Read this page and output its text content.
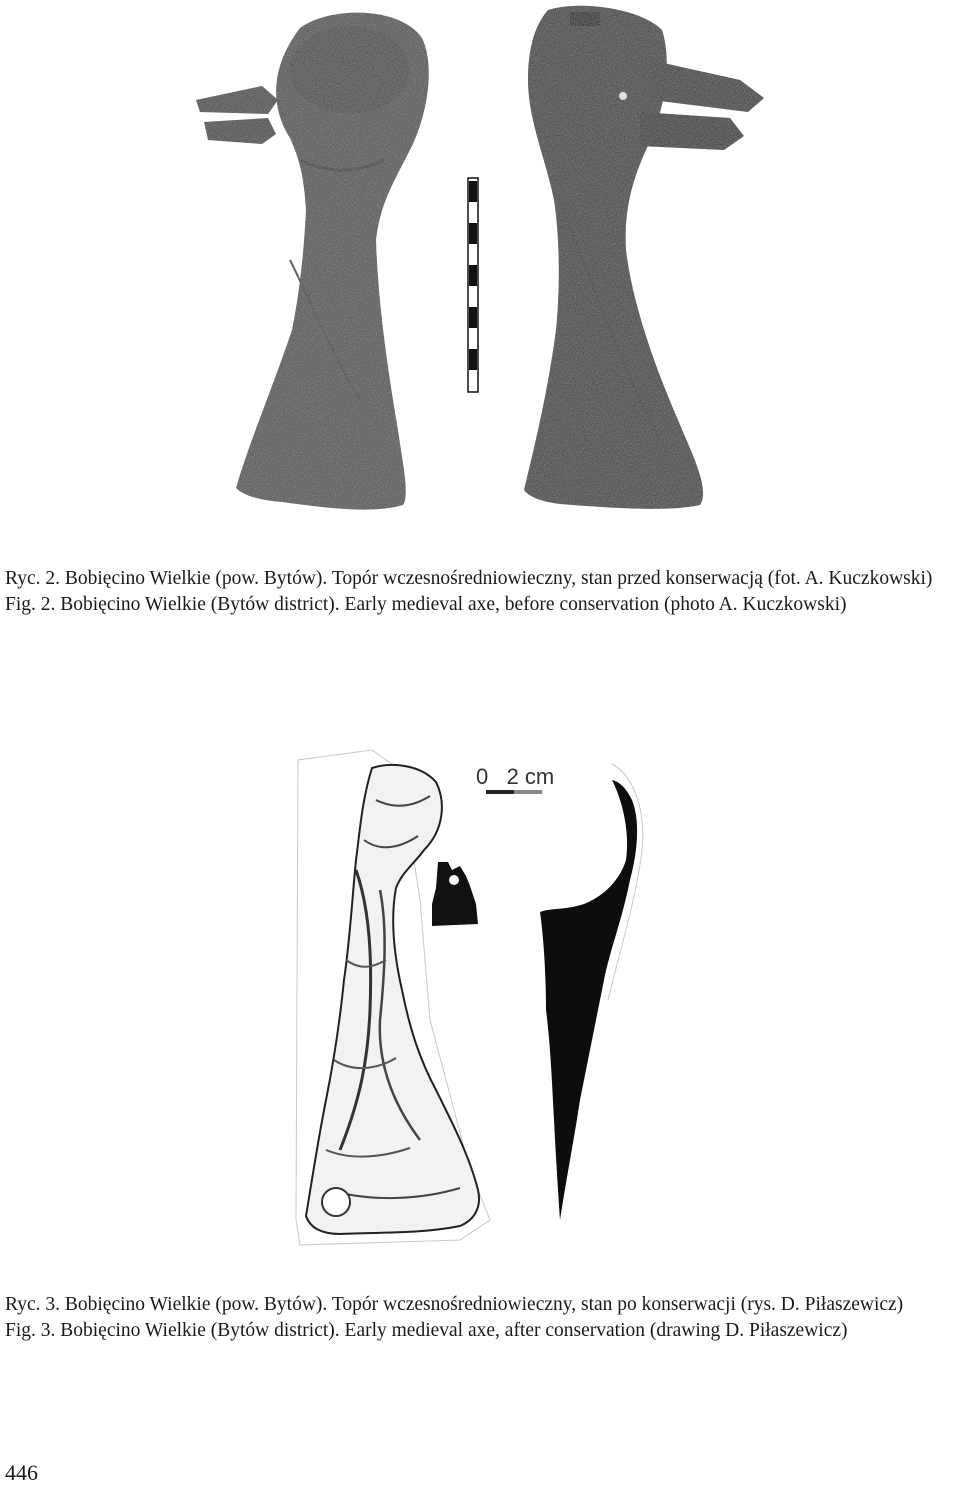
Ryc. 2. Bobięcino Wielkie (pow. Bytów). Topór wczesnośredniowieczny, stan przed konserwacją (fot. A. Kuczkowski)

Fig. 2. Bobięcino Wielkie (Bytów district). Early medieval axe, before conservation (photo A. Kuczkowski)

0   2 cm

Ryc. 3. Bobięcino Wielkie (pow. Bytów). Topór wczesnośredniowieczny, stan po konserwacji (rys. D. Piłaszewicz)

Fig. 3. Bobięcino Wielkie (Bytów district). Early medieval axe, after conservation (drawing D. Piłaszewicz)

446
